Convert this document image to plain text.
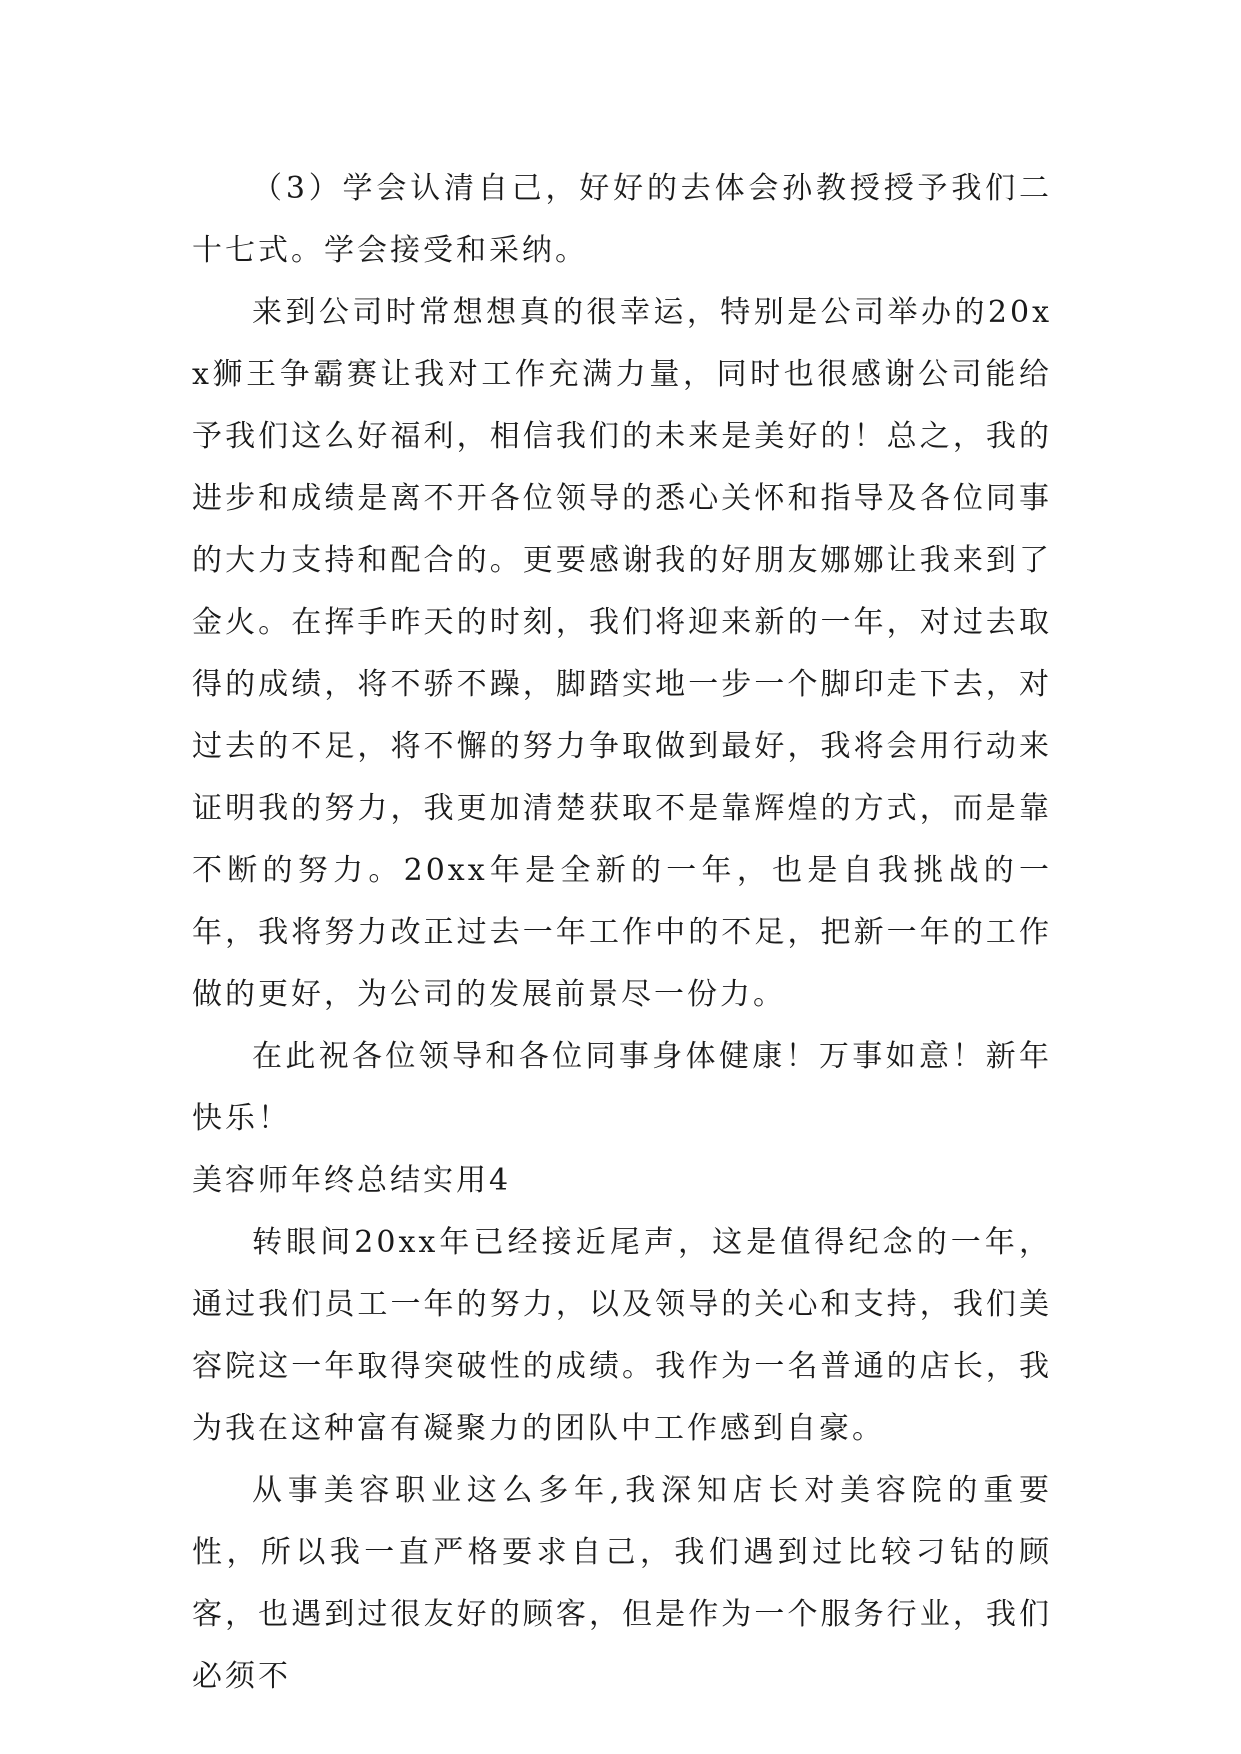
（3）学会认清自己，好好的去体会孙教授授予我们二十七式。学会接受和采纳。

来到公司时常想想真的很幸运，特别是公司举办的20xx狮王争霸赛让我对工作充满力量，同时也很感谢公司能给予我们这么好福利，相信我们的未来是美好的！总之，我的进步和成绩是离不开各位领导的悉心关怀和指导及各位同事的大力支持和配合的。更要感谢我的好朋友娜娜让我来到了金火。在挥手昨天的时刻，我们将迎来新的一年，对过去取得的成绩，将不骄不躁，脚踏实地一步一个脚印走下去，对过去的不足，将不懈的努力争取做到最好，我将会用行动来证明我的努力，我更加清楚获取不是靠辉煌的方式，而是靠不断的努力。20xx年是全新的一年，也是自我挑战的一年，我将努力改正过去一年工作中的不足，把新一年的工作做的更好，为公司的发展前景尽一份力。

在此祝各位领导和各位同事身体健康！万事如意！新年快乐！

美容师年终总结实用4

转眼间20xx年已经接近尾声，这是值得纪念的一年，通过我们员工一年的努力，以及领导的关心和支持，我们美容院这一年取得突破性的成绩。我作为一名普通的店长，我为我在这种富有凝聚力的团队中工作感到自豪。

从事美容职业这么多年,我深知店长对美容院的重要性，所以我一直严格要求自己，我们遇到过比较刁钻的顾客，也遇到过很友好的顾客，但是作为一个服务行业，我们必须不
